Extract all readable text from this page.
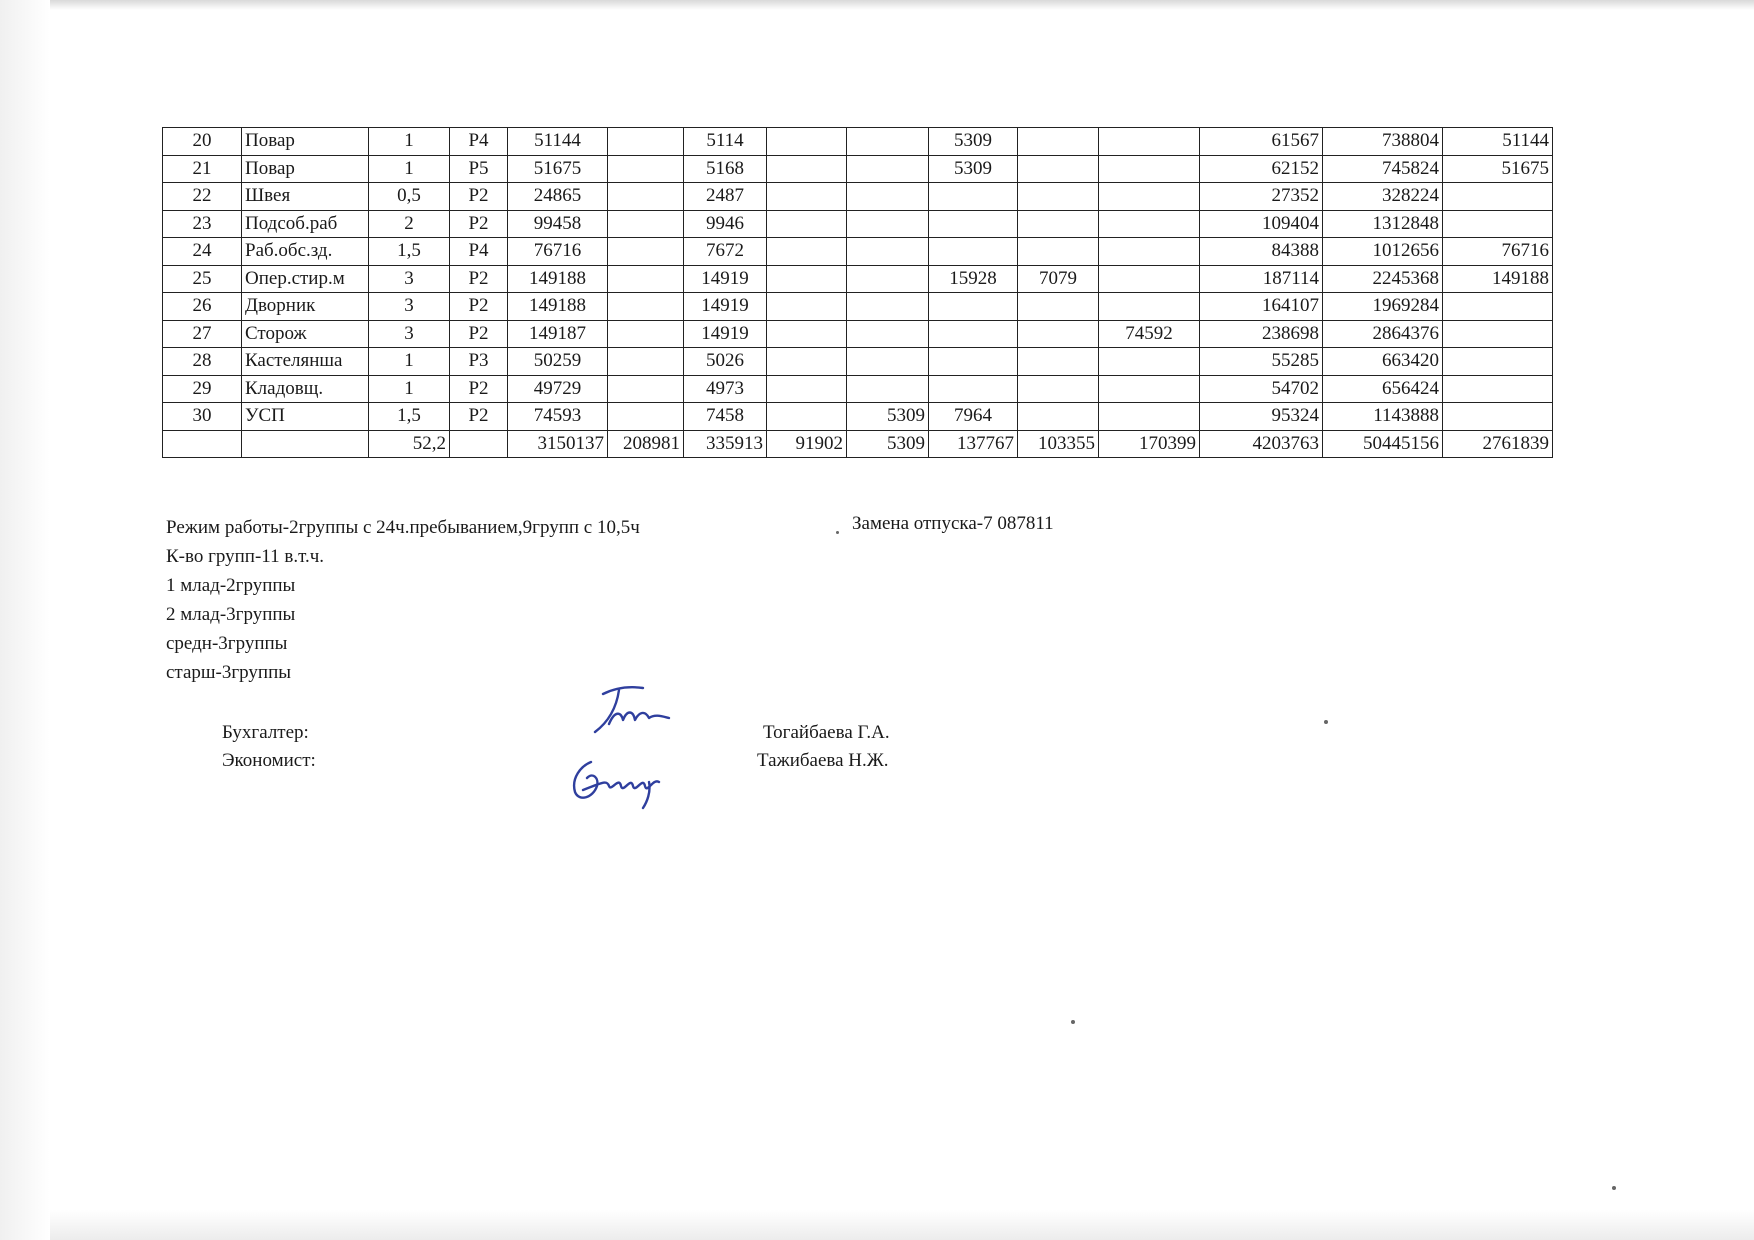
20	Повар	1	Р4	51144		5114			5309			61567	738804	51144
21	Повар	1	Р5	51675		5168			5309			62152	745824	51675
22	Швея	0,5	Р2	24865		2487						27352	328224	
23	Подсоб.раб	2	Р2	99458		9946						109404	1312848	
24	Раб.обс.зд.	1,5	Р4	76716		7672						84388	1012656	76716
25	Опер.стир.м	3	Р2	149188		14919			15928	7079		187114	2245368	149188
26	Дворник	3	Р2	149188		14919						164107	1969284	
27	Сторож	3	Р2	149187		14919					74592	238698	2864376	
28	Кастелянша	1	Р3	50259		5026						55285	663420	
29	Кладовщ.	1	Р2	49729		4973						54702	656424	
30	УСП	1,5	Р2	74593		7458		5309	7964			95324	1143888	
		52,2		3150137	208981	335913	91902	5309	137767	103355	170399	4203763	50445156	2761839
Режим работы-2группы с 24ч.пребыванием,9групп с 10,5ч
К-во групп-11 в.т.ч.
1 млад-2группы
2 млад-3группы
средн-3группы
старш-3группы
Замена отпуска-7 087811
Бухгалтер:	Тогайбаева Г.А.
Экономист:	Тажибаева Н.Ж.
